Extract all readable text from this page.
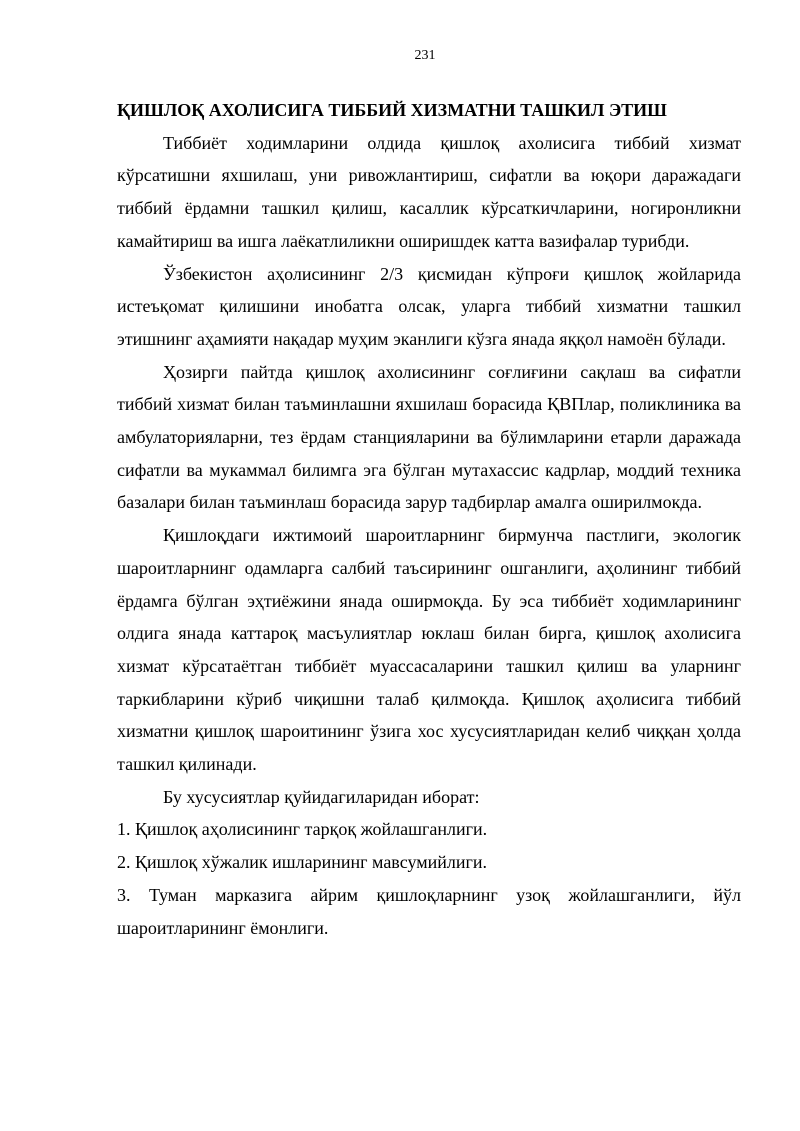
231
ҚИШЛОҚ АХОЛИСИГА ТИББИЙ ХИЗМАТНИ ТАШКИЛ ЭТИШ

Тиббиёт ходимларини олдида қишлоқ ахолисига тиббий хизмат кўрсатишни яхшилаш, уни ривожлантириш, сифатли ва юқори даражадаги тиббий ёрдамни ташкил қилиш, касаллик кўрсаткичларини, ногиронликни камайтириш ва ишга лаёкатлиликни оширишдек катта вазифалар турибди.

Ўзбекистон аҳолисининг 2/3 қисмидан кўпроғи қишлоқ жойларида истеъқомат қилишини инобатга олсак, уларга тиббий хизматни ташкил этишнинг аҳамияти нақадар муҳим эканлиги кўзга янада яққол намоён бўлади.

Ҳозирги пайтда қишлоқ ахолисининг соғлиғини сақлаш ва сифатли тиббий хизмат билан таъминлашни яхшилаш борасида ҚВПлар, поликлиника ва амбулаторияларни, тез ёрдам станцияларини ва бўлимларини етарли даражада сифатли ва мукаммал билимга эга бўлган мутахассис кадрлар, моддий техника базалари билан таъминлаш борасида зарур тадбирлар амалга оширилмокда.

Қишлоқдаги ижтимоий шароитларнинг бирмунча пастлиги, экологик шароитларнинг одамларга салбий таъсирининг ошганлиги, аҳолининг тиббий ёрдамга бўлган эҳтиёжини янада оширмоқда. Бу эса тиббиёт ходимларининг олдига янада каттароқ масъулиятлар юклаш билан бирга, қишлоқ ахолисига хизмат кўрсатаётган тиббиёт муассасаларини ташкил қилиш ва уларнинг таркибларини кўриб чиқишни талаб қилмоқда. Қишлоқ аҳолисига тиббий хизматни қишлоқ шароитининг ўзига хос хусусиятларидан келиб чиққан ҳолда ташкил қилинади.

Бу хусусиятлар қуйидагиларидан иборат:

1. Қишлоқ аҳолисининг тарқоқ жойлашганлиги.

2. Қишлоқ хўжалик ишларининг мавсумийлиги.

3. Туман марказига айрим қишлоқларнинг узоқ жойлашганлиги, йўл шароитларининг ёмонлиги.
